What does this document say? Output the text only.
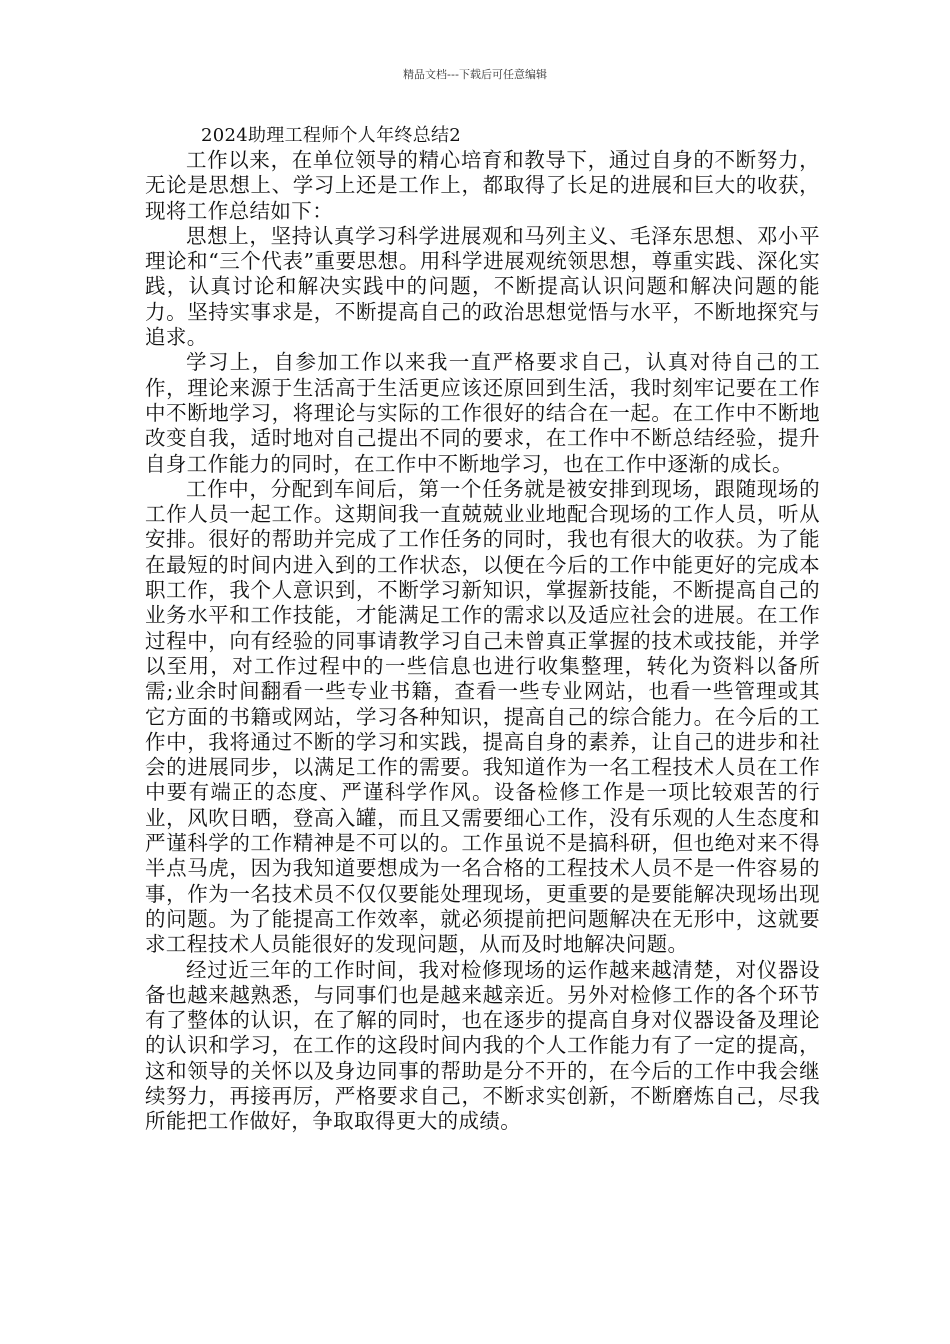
精品文档---下载后可任意编辑
2024助理工程师个人年终总结2

工作以来，在单位领导的精心培育和教导下，通过自身的不断努力，无论是思想上、学习上还是工作上，都取得了长足的进展和巨大的收获，现将工作总结如下：

思想上，坚持认真学习科学进展观和马列主义、毛泽东思想、邓小平理论和“三个代表”重要思想。用科学进展观统领思想，尊重实践、深化实践，认真讨论和解决实践中的问题，不断提高认识问题和解决问题的能力。坚持实事求是，不断提高自己的政治思想觉悟与水平，不断地探究与追求。

学习上，自参加工作以来我一直严格要求自己，认真对待自己的工作，理论来源于生活高于生活更应该还原回到生活，我时刻牢记要在工作中不断地学习，将理论与实际的工作很好的结合在一起。在工作中不断地改变自我，适时地对自己提出不同的要求，在工作中不断总结经验，提升自身工作能力的同时，在工作中不断地学习，也在工作中逐渐的成长。

工作中，分配到车间后，第一个任务就是被安排到现场，跟随现场的工作人员一起工作。这期间我一直兢兢业业地配合现场的工作人员，听从安排。很好的帮助并完成了工作任务的同时，我也有很大的收获。为了能在最短的时间内进入到的工作状态，以便在今后的工作中能更好的完成本职工作，我个人意识到，不断学习新知识，掌握新技能，不断提高自己的业务水平和工作技能，才能满足工作的需求以及适应社会的进展。在工作过程中，向有经验的同事请教学习自己未曾真正掌握的技术或技能，并学以至用，对工作过程中的一些信息也进行收集整理，转化为资料以备所需;业余时间翻看一些专业书籍，查看一些专业网站，也看一些管理或其它方面的书籍或网站，学习各种知识，提高自己的综合能力。在今后的工作中，我将通过不断的学习和实践，提高自身的素养，让自己的进步和社会的进展同步，以满足工作的需要。我知道作为一名工程技术人员在工作中要有端正的态度、严谨科学作风。设备检修工作是一项比较艰苦的行业，风吹日晒，登高入罐，而且又需要细心工作，没有乐观的人生态度和严谨科学的工作精神是不可以的。工作虽说不是搞科研，但也绝对来不得半点马虎，因为我知道要想成为一名合格的工程技术人员不是一件容易的事，作为一名技术员不仅仅要能处理现场，更重要的是要能解决现场出现的问题。为了能提高工作效率，就必须提前把问题解决在无形中，这就要求工程技术人员能很好的发现问题，从而及时地解决问题。

经过近三年的工作时间，我对检修现场的运作越来越清楚，对仪器设备也越来越熟悉，与同事们也是越来越亲近。另外对检修工作的各个环节有了整体的认识，在了解的同时，也在逐步的提高自身对仪器设备及理论的认识和学习，在工作的这段时间内我的个人工作能力有了一定的提高，这和领导的关怀以及身边同事的帮助是分不开的，在今后的工作中我会继续努力，再接再厉，严格要求自己，不断求实创新，不断磨炼自己，尽我所能把工作做好，争取取得更大的成绩。
